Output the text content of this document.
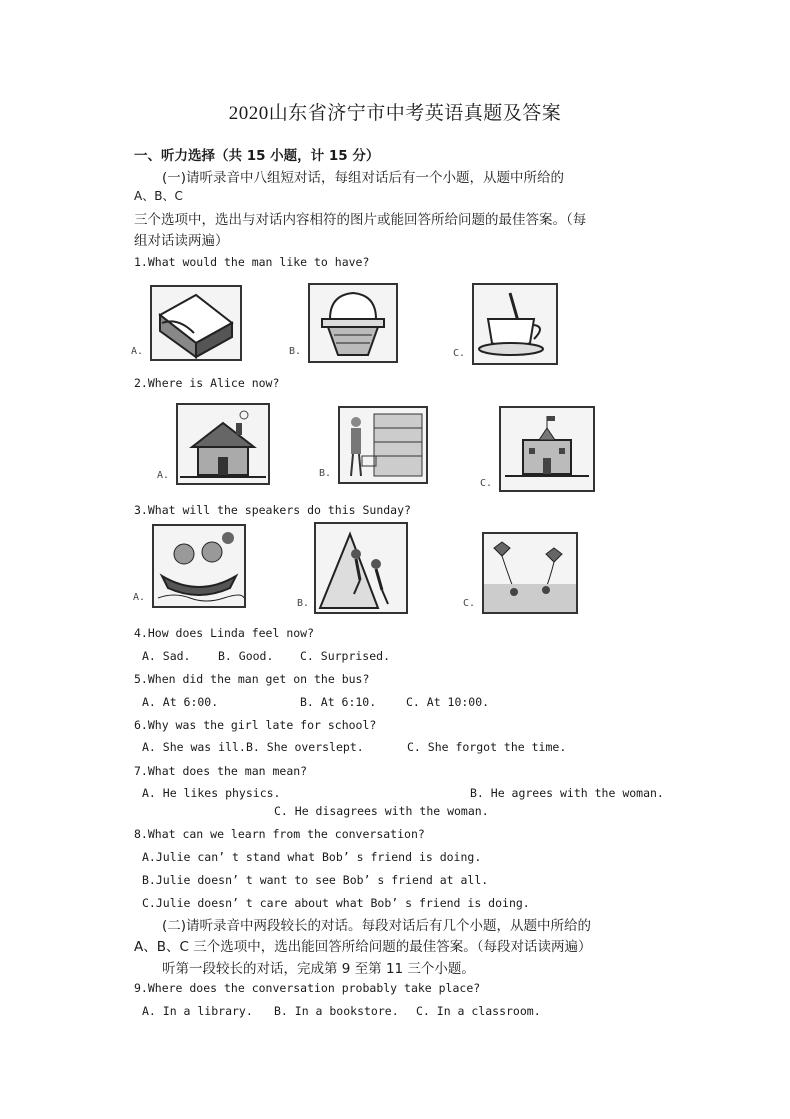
2020山东省济宁市中考英语真题及答案
一、听力选择（共 15 小题，计 15 分）
(一)请听录音中八组短对话，每组对话后有一个小题，从题中所给的
A、B、C
三个选项中，选出与对话内容相符的图片或能回答所给问题的最佳答案。（每
组对话读两遍）
1.What would the man like to have?
A.	B.	C.
2.Where is Alice now?
A.	B.
C.
3.What will the speakers do this Sunday?
A.
B.	C.
4.How does Linda feel now?
A. Sad. B. Good. C. Surprised.
5.When did the man get on the bus?
A. At 6:00.	B. At 6:10.	C. At 10:00.
6.Why was the girl late for school?
A. She was ill. B. She overslept.	C. She forgot the time.
7.What does the man mean?
A. He likes physics.	B. He agrees with the woman.
C. He disagrees with the woman.
8.What can we learn from the conversation?
A.Julie can’ t stand what Bob’ s friend is doing.
B.Julie doesn’ t want to see Bob’ s friend at all.
C.Julie doesn’ t care about what Bob’ s friend is doing.
(二)请听录音中两段较长的对话。每段对话后有几个小题，从题中所给的
A、B、C 三个选项中，选出能回答所给问题的最佳答案。（每段对话读两遍）
听第一段较长的对话，完成第 9 至第 11 三个小题。
9.Where does the conversation probably take place?
A. In a library. B. In a bookstore. C. In a classroom.
